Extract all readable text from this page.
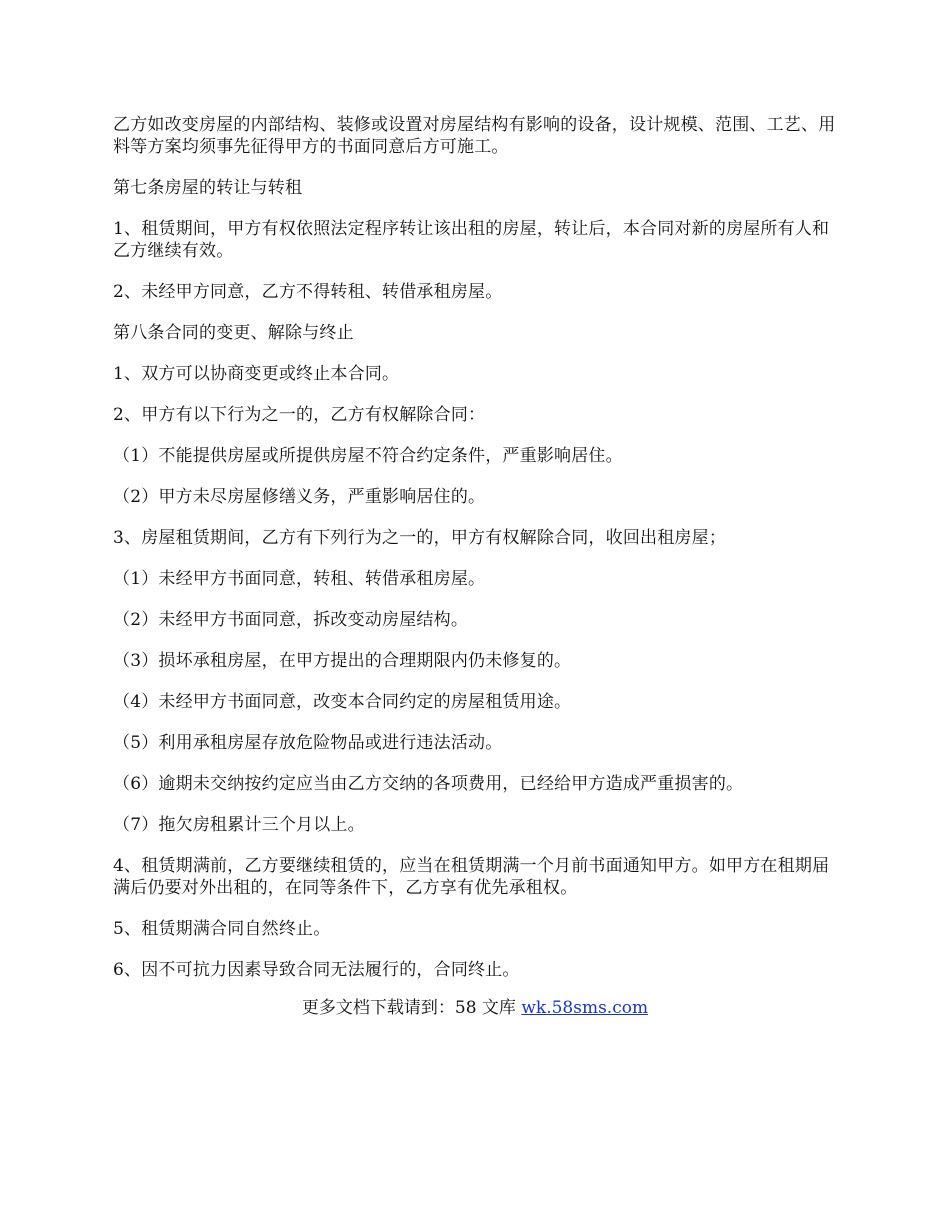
乙方如改变房屋的内部结构、装修或设置对房屋结构有影响的设备，设计规模、范围、工艺、用料等方案均须事先征得甲方的书面同意后方可施工。

第七条房屋的转让与转租

1、租赁期间，甲方有权依照法定程序转让该出租的房屋，转让后，本合同对新的房屋所有人和乙方继续有效。

2、未经甲方同意，乙方不得转租、转借承租房屋。

第八条合同的变更、解除与终止

1、双方可以协商变更或终止本合同。

2、甲方有以下行为之一的，乙方有权解除合同：

（1）不能提供房屋或所提供房屋不符合约定条件，严重影响居住。

（2）甲方未尽房屋修缮义务，严重影响居住的。

3、房屋租赁期间，乙方有下列行为之一的，甲方有权解除合同，收回出租房屋；

（1）未经甲方书面同意，转租、转借承租房屋。

（2）未经甲方书面同意，拆改变动房屋结构。

（3）损坏承租房屋，在甲方提出的合理期限内仍未修复的。

（4）未经甲方书面同意，改变本合同约定的房屋租赁用途。

（5）利用承租房屋存放危险物品或进行违法活动。

（6）逾期未交纳按约定应当由乙方交纳的各项费用，已经给甲方造成严重损害的。

（7）拖欠房租累计三个月以上。

4、租赁期满前，乙方要继续租赁的，应当在租赁期满一个月前书面通知甲方。如甲方在租期届满后仍要对外出租的，在同等条件下，乙方享有优先承租权。

5、租赁期满合同自然终止。

6、因不可抗力因素导致合同无法履行的，合同终止。

更多文档下载请到：58 文库 wk.58sms.com
